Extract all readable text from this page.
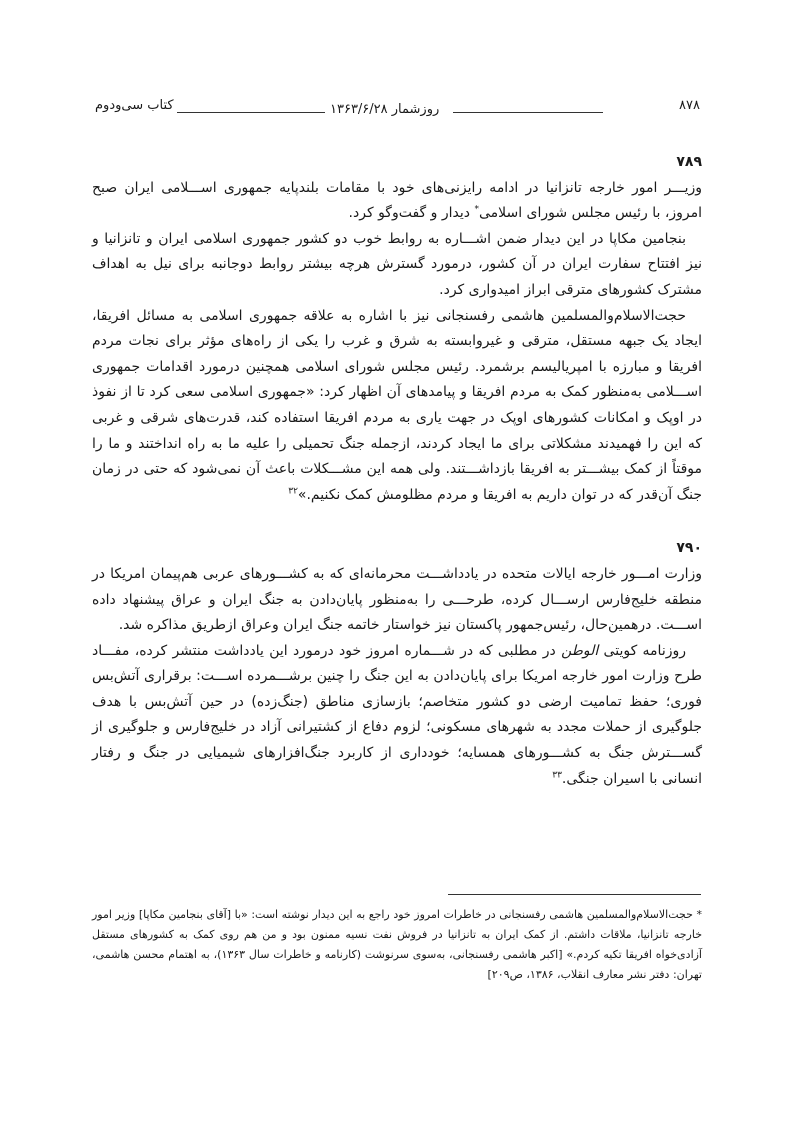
کتاب سی‌ودوم	روزشمار ۱۳۶۳/۶/۲۸	۸۷۸

۷۸۹

وزیـــر امور خارجه تانزانیا در ادامه رایزنی‌های خود با مقامات بلندپایه جمهوری اســـلامی ایران صبح امروز، با رئیس مجلس شورای اسلامی* دیدار و گفت‌وگو کرد.

بنجامین مکاپا در این دیدار ضمن اشـــاره به روابط خوب دو کشور جمهوری اسلامی ایران و تانزانیا و نیز افتتاح سفارت ایران در آن کشور، درمورد گسترش هرچه بیشتر روابط دوجانبه برای نیل به اهداف مشترک کشورهای مترقی ابراز امیدواری کرد.

حجت‌الاسلام‌والمسلمین هاشمی رفسنجانی نیز با اشاره به علاقه جمهوری اسلامی به مسائل افریقا، ایجاد یک جبهه مستقل، مترقی و غیروابسته به شرق و غرب را یکی از راه‌های مؤثر برای نجات مردم افریقا و مبارزه با امپریالیسم برشمرد. رئیس مجلس شورای اسلامی همچنین درمورد اقدامات جمهوری اســـلامی به‌منظور کمک به مردم افریقا و پیامدهای آن اظهار کرد: «جمهوری اسلامی سعی کرد تا از نفوذ در اوپک و امکانات کشورهای اوپک در جهت یاری به مردم افریقا استفاده کند، قدرت‌های شرقی و غربی که این را فهمیدند مشکلاتی برای ما ایجاد کردند، ازجمله جنگ تحمیلی را علیه ما به راه انداختند و ما را موقتاً از کمک بیشـــتر به افریقا بازداشـــتند. ولی همه این مشـــکلات باعث آن نمی‌شود که حتی در زمان جنگ آن‌قدر که در توان داریم به افریقا و مردم مظلومش کمک نکنیم.»$^{۳۲}$

۷۹۰

وزارت امـــور خارجه ایالات متحده در یادداشـــت محرمانه‌ای که به کشـــورهای عربی هم‌پیمان امریکا در منطقه خلیج‌فارس ارســـال کرده، طرحـــی را به‌منظور پایان‌دادن به جنگ ایران و عراق پیشنهاد داده اســـت. درهمین‌حال، رئیس‌جمهور پاکستان نیز خواستار خاتمه جنگ ایران وعراق ازطریق مذاکره شد.

روزنامه کویتی الوطن در مطلبی که در شـــماره امروز خود درمورد این یادداشت منتشر کرده، مفـــاد طرح وزارت امور خارجه امریکا برای پایان‌دادن به این جنگ را چنین برشـــمرده اســـت: برقراری آتش‌بس فوری؛ حفظ تمامیت ارضی دو کشور متخاصم؛ بازسازی مناطق (جنگ‌زده) در حین آتش‌بس با هدف جلوگیری از حملات مجدد به شهرهای مسکونی؛ لزوم دفاع از کشتیرانی آزاد در خلیج‌فارس و جلوگیری از گســـترش جنگ به کشـــورهای همسایه؛ خودداری از کاربرد جنگ‌افزارهای شیمیایی در جنگ و رفتار انسانی با اسیران جنگی.$^{۳۳}$

* حجت‌الاسلام‌والمسلمین هاشمی رفسنجانی در خاطرات امروز خود راجع به این دیدار نوشته است: «با [آقای بنجامین مکاپا] وزیر امور خارجه تانزانیا، ملاقات داشتم. از کمک ایران به تانزانیا در فروش نفت نسیه ممنون بود و من هم روی کمک به کشورهای مستقل آزادی‌خواه افریقا تکیه کردم.» [اکبر هاشمی رفسنجانی، به‌سوی سرنوشت (کارنامه و خاطرات سال ۱۳۶۳)، به اهتمام محسن هاشمی، تهران: دفتر نشر معارف انقلاب، ۱۳۸۶، ص۲۰۹]
